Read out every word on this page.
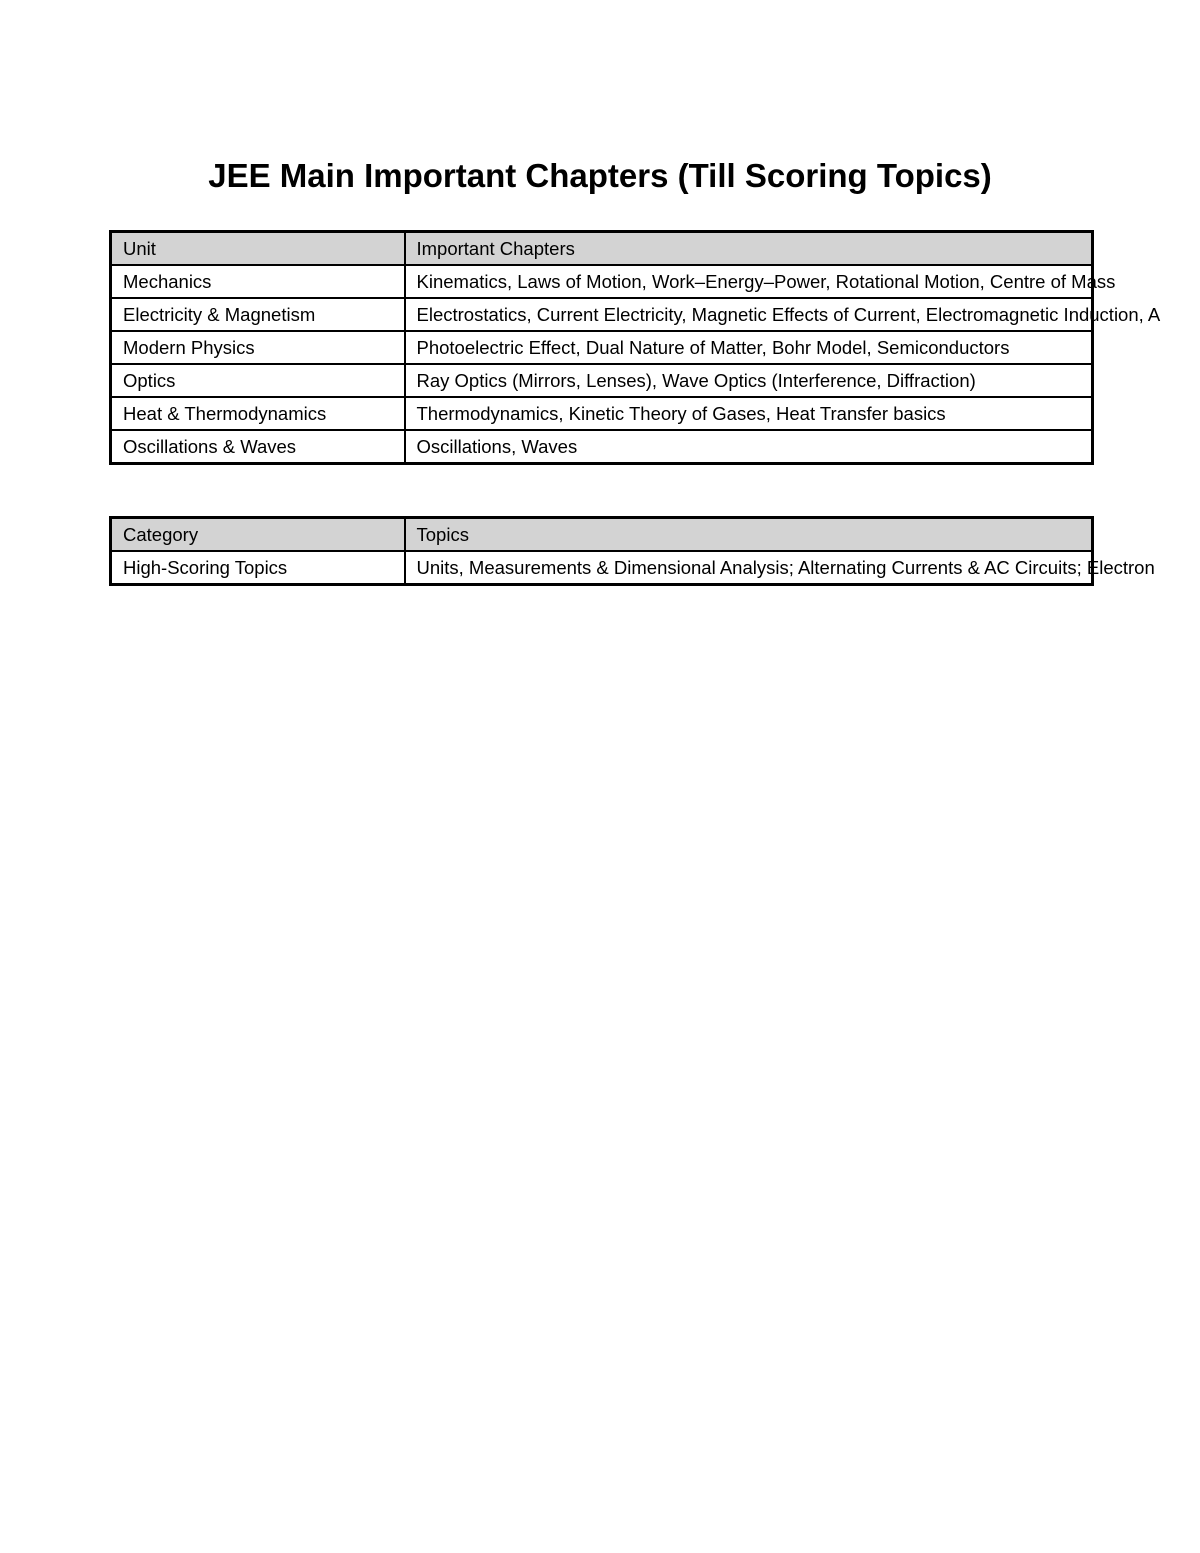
JEE Main Important Chapters (Till Scoring Topics)
Unit	Important Chapters
Mechanics	Kinematics, Laws of Motion, Work–Energy–Power, Rotational Motion, Centre of Mass
Electricity & Magnetism	Electrostatics, Current Electricity, Magnetic Effects of Current, Electromagnetic Induction, A
Modern Physics	Photoelectric Effect, Dual Nature of Matter, Bohr Model, Semiconductors
Optics	Ray Optics (Mirrors, Lenses), Wave Optics (Interference, Diffraction)
Heat & Thermodynamics	Thermodynamics, Kinetic Theory of Gases, Heat Transfer basics
Oscillations & Waves	Oscillations, Waves
Category	Topics
High-Scoring Topics	Units, Measurements & Dimensional Analysis; Alternating Currents & AC Circuits; Electron
